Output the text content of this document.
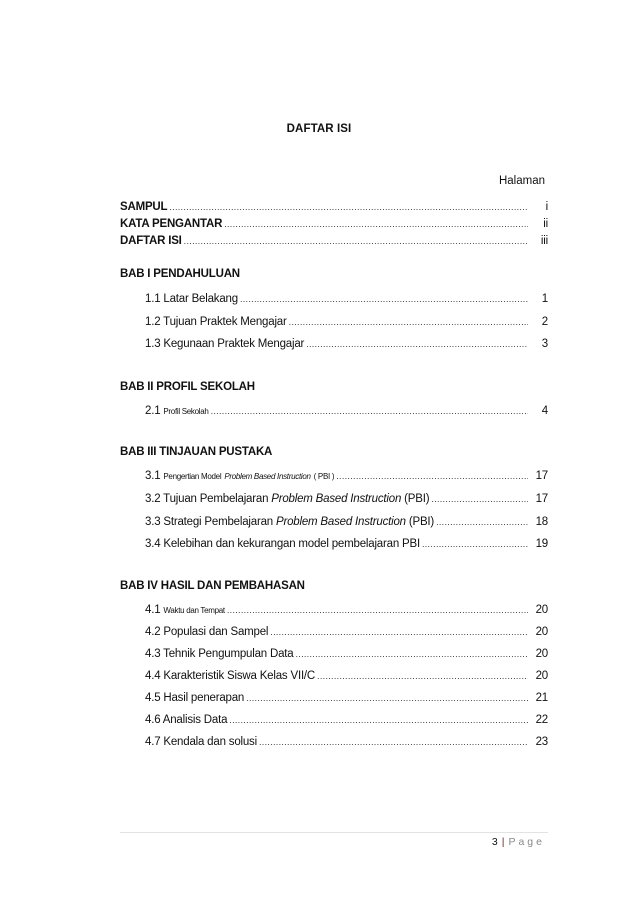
DAFTAR ISI
Halaman
SAMPUL .....	i
KATA PENGANTAR .....	ii
DAFTAR ISI .....	iii
BAB I PENDAHULUAN
1.1 Latar Belakang .....	1
1.2 Tujuan Praktek Mengajar .....	2
1.3 Kegunaan Praktek Mengajar .....	3
BAB II PROFIL SEKOLAH
2.1 Profil Sekolah .....	4
BAB III TINJAUAN PUSTAKA
3.1 Pengertian Model Problem Based Instruction ( PBI ) .....	17
3.2 Tujuan Pembelajaran Problem Based Instruction (PBI) .....	17
3.3 Strategi Pembelajaran Problem Based Instruction (PBI) .....	18
3.4 Kelebihan dan kekurangan model pembelajaran PBI .....	19
BAB IV HASIL DAN PEMBAHASAN
4.1 Waktu dan Tempat .....	20
4.2 Populasi dan Sampel .....	20
4.3 Tehnik Pengumpulan Data .....	20
4.4 Karakteristik Siswa Kelas VII/C .....	20
4.5 Hasil penerapan .....	21
4.6 Analisis Data .....	22
4.7 Kendala dan solusi .....	23
3 | Page
